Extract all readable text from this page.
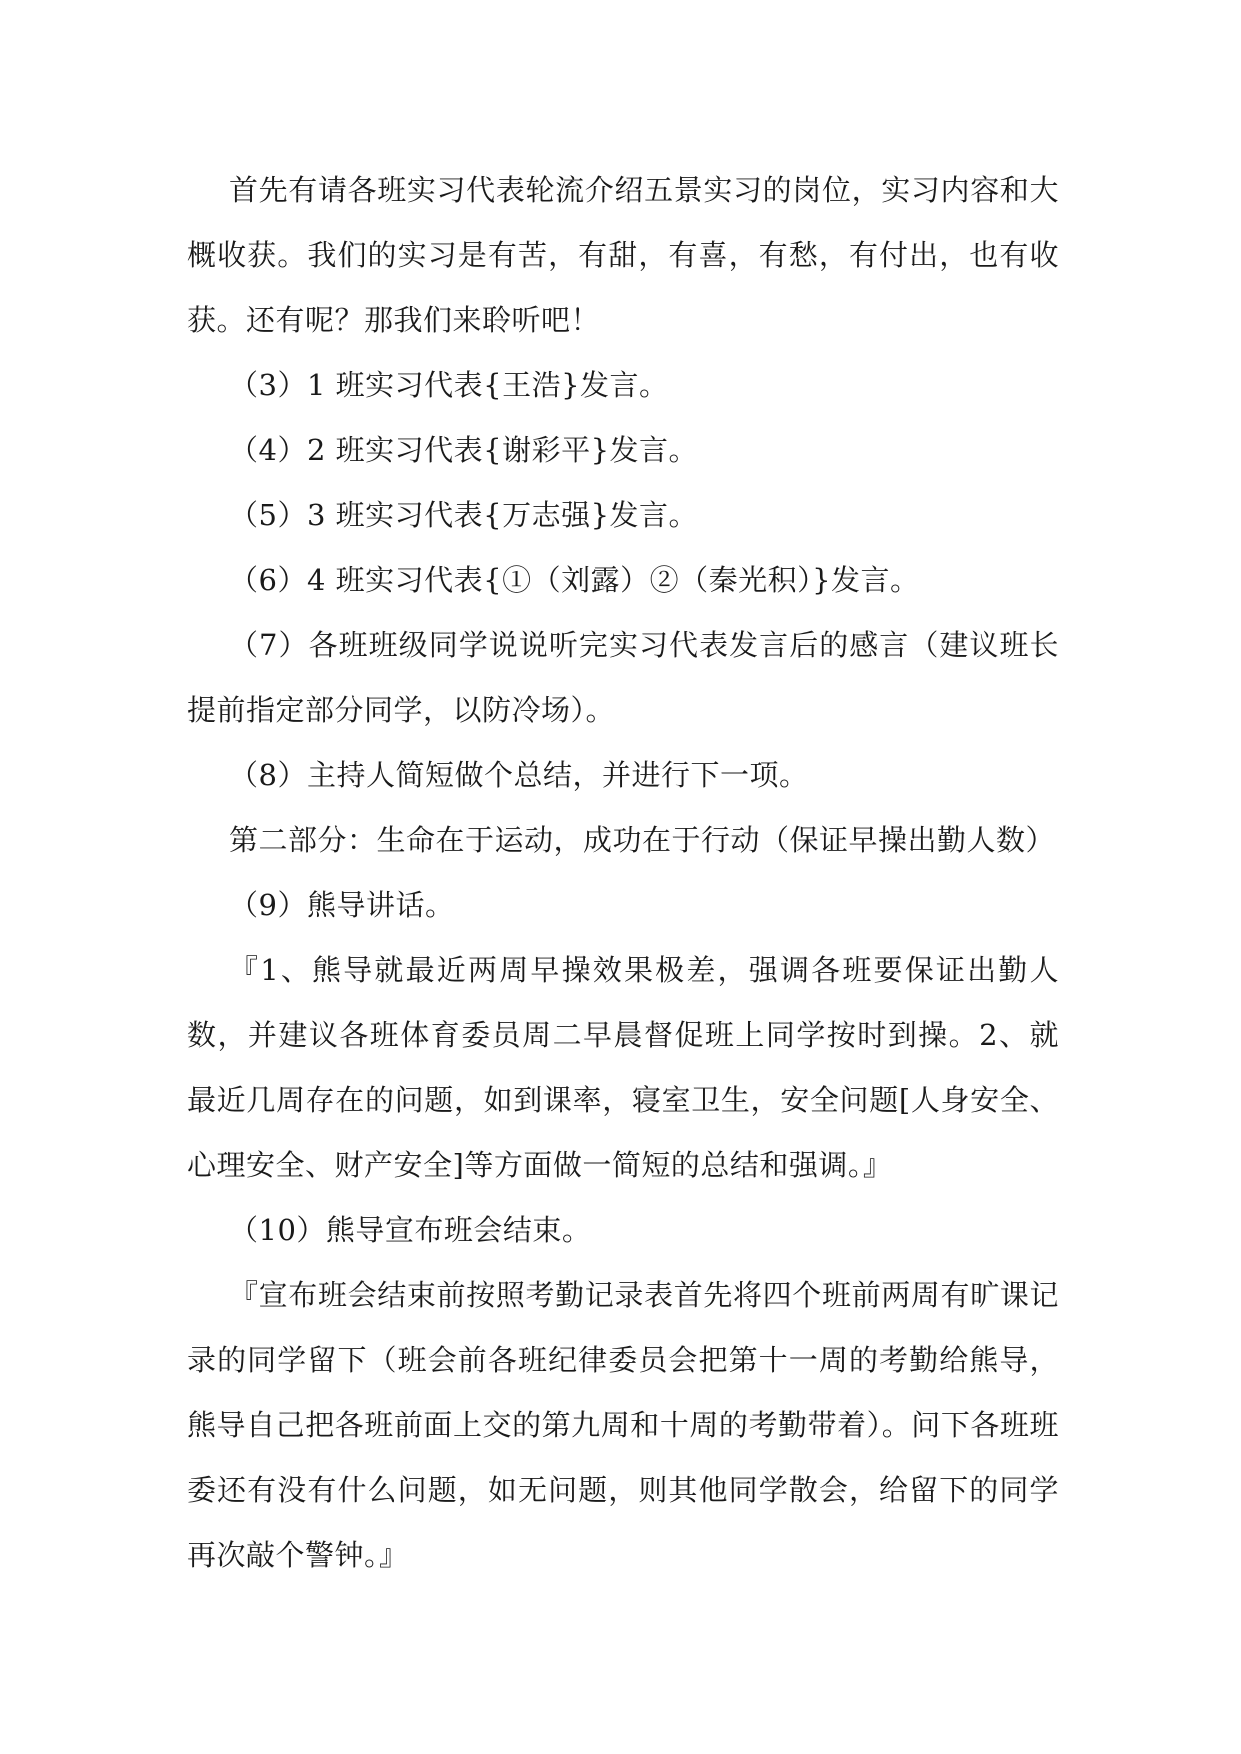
首先有请各班实习代表轮流介绍五景实习的岗位，实习内容和大概收获。我们的实习是有苦，有甜，有喜，有愁，有付出，也有收获。还有呢？那我们来聆听吧！

（3）1 班实习代表{王浩}发言。

（4）2 班实习代表{谢彩平}发言。

（5）3 班实习代表{万志强}发言。

（6）4 班实习代表{①（刘露）②（秦光积）}发言。

（7）各班班级同学说说听完实习代表发言后的感言（建议班长提前指定部分同学，以防冷场）。

（8）主持人简短做个总结，并进行下一项。

第二部分：生命在于运动，成功在于行动（保证早操出勤人数）

（9）熊导讲话。

『1、熊导就最近两周早操效果极差，强调各班要保证出勤人数，并建议各班体育委员周二早晨督促班上同学按时到操。2、就最近几周存在的问题，如到课率，寝室卫生，安全问题[人身安全、心理安全、财产安全]等方面做一简短的总结和强调。』

（10）熊导宣布班会结束。

『宣布班会结束前按照考勤记录表首先将四个班前两周有旷课记录的同学留下（班会前各班纪律委员会把第十一周的考勤给熊导，熊导自己把各班前面上交的第九周和十周的考勤带着）。问下各班班委还有没有什么问题，如无问题，则其他同学散会，给留下的同学再次敲个警钟。』
